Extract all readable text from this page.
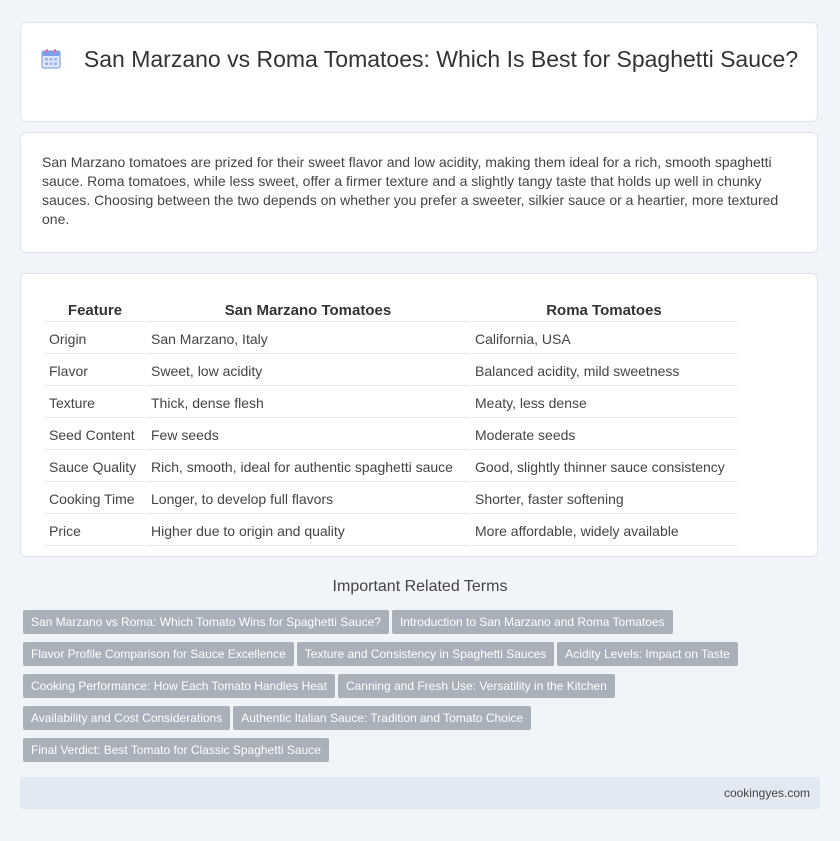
San Marzano vs Roma Tomatoes: Which Is Best for Spaghetti Sauce?
San Marzano tomatoes are prized for their sweet flavor and low acidity, making them ideal for a rich, smooth spaghetti sauce. Roma tomatoes, while less sweet, offer a firmer texture and a slightly tangy taste that holds up well in chunky sauces. Choosing between the two depends on whether you prefer a sweeter, silkier sauce or a heartier, more textured one.
Feature	San Marzano Tomatoes	Roma Tomatoes
Origin	San Marzano, Italy	California, USA
Flavor	Sweet, low acidity	Balanced acidity, mild sweetness
Texture	Thick, dense flesh	Meaty, less dense
Seed Content	Few seeds	Moderate seeds
Sauce Quality	Rich, smooth, ideal for authentic spaghetti sauce	Good, slightly thinner sauce consistency
Cooking Time	Longer, to develop full flavors	Shorter, faster softening
Price	Higher due to origin and quality	More affordable, widely available
Important Related Terms
San Marzano vs Roma: Which Tomato Wins for Spaghetti Sauce? Introduction to San Marzano and Roma Tomatoes
Flavor Profile Comparison for Sauce Excellence Texture and Consistency in Spaghetti Sauces Acidity Levels: Impact on Taste
Cooking Performance: How Each Tomato Handles Heat Canning and Fresh Use: Versatility in the Kitchen
Availability and Cost Considerations Authentic Italian Sauce: Tradition and Tomato Choice
Final Verdict: Best Tomato for Classic Spaghetti Sauce
cookingyes.com
